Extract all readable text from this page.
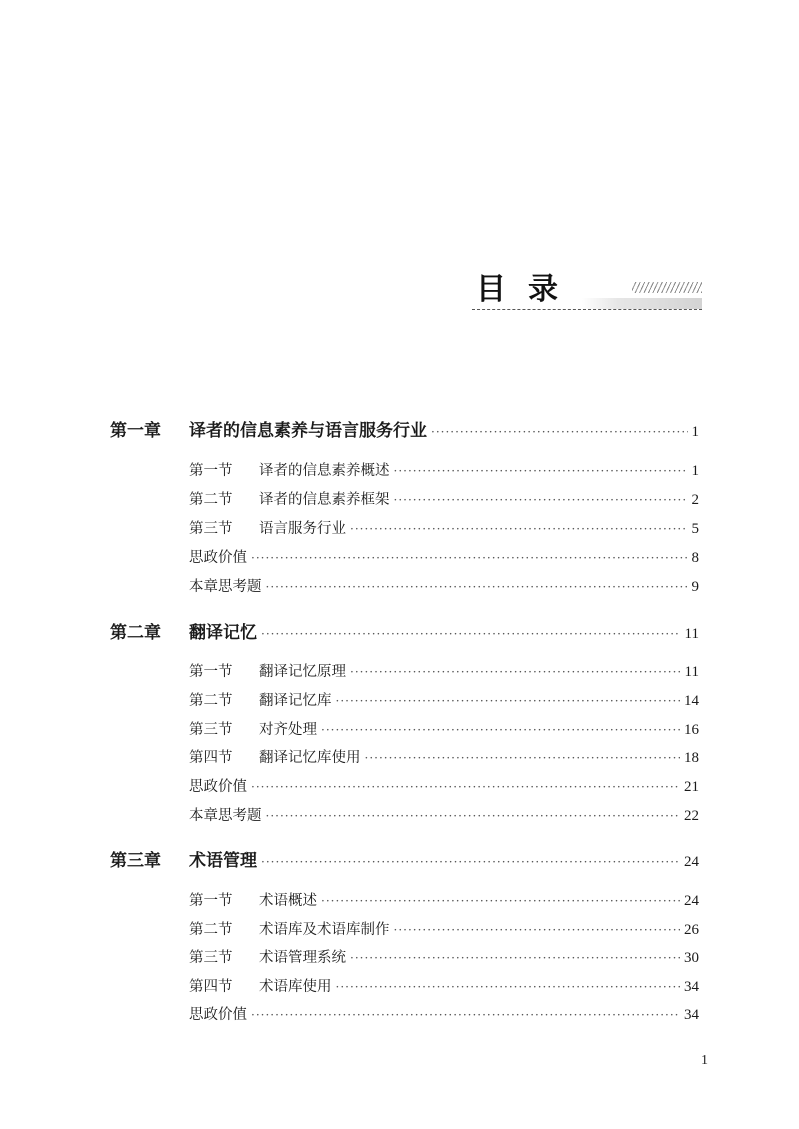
目录
第一章	译者的信息素养与语言服务行业 ·····	1
第一节	译者的信息素养概述 ·····	1
第二节	译者的信息素养框架 ·····	2
第三节	语言服务行业 ·····	5
思政价值 ·····	8
本章思考题 ·····	9
第二章	翻译记忆 ·····	11
第一节	翻译记忆原理 ·····	11
第二节	翻译记忆库 ·····	14
第三节	对齐处理 ·····	16
第四节	翻译记忆库使用 ·····	18
思政价值 ·····	21
本章思考题 ·····	22
第三章	术语管理 ·····	24
第一节	术语概述 ·····	24
第二节	术语库及术语库制作 ·····	26
第三节	术语管理系统 ·····	30
第四节	术语库使用 ·····	34
思政价值 ·····	34
1
